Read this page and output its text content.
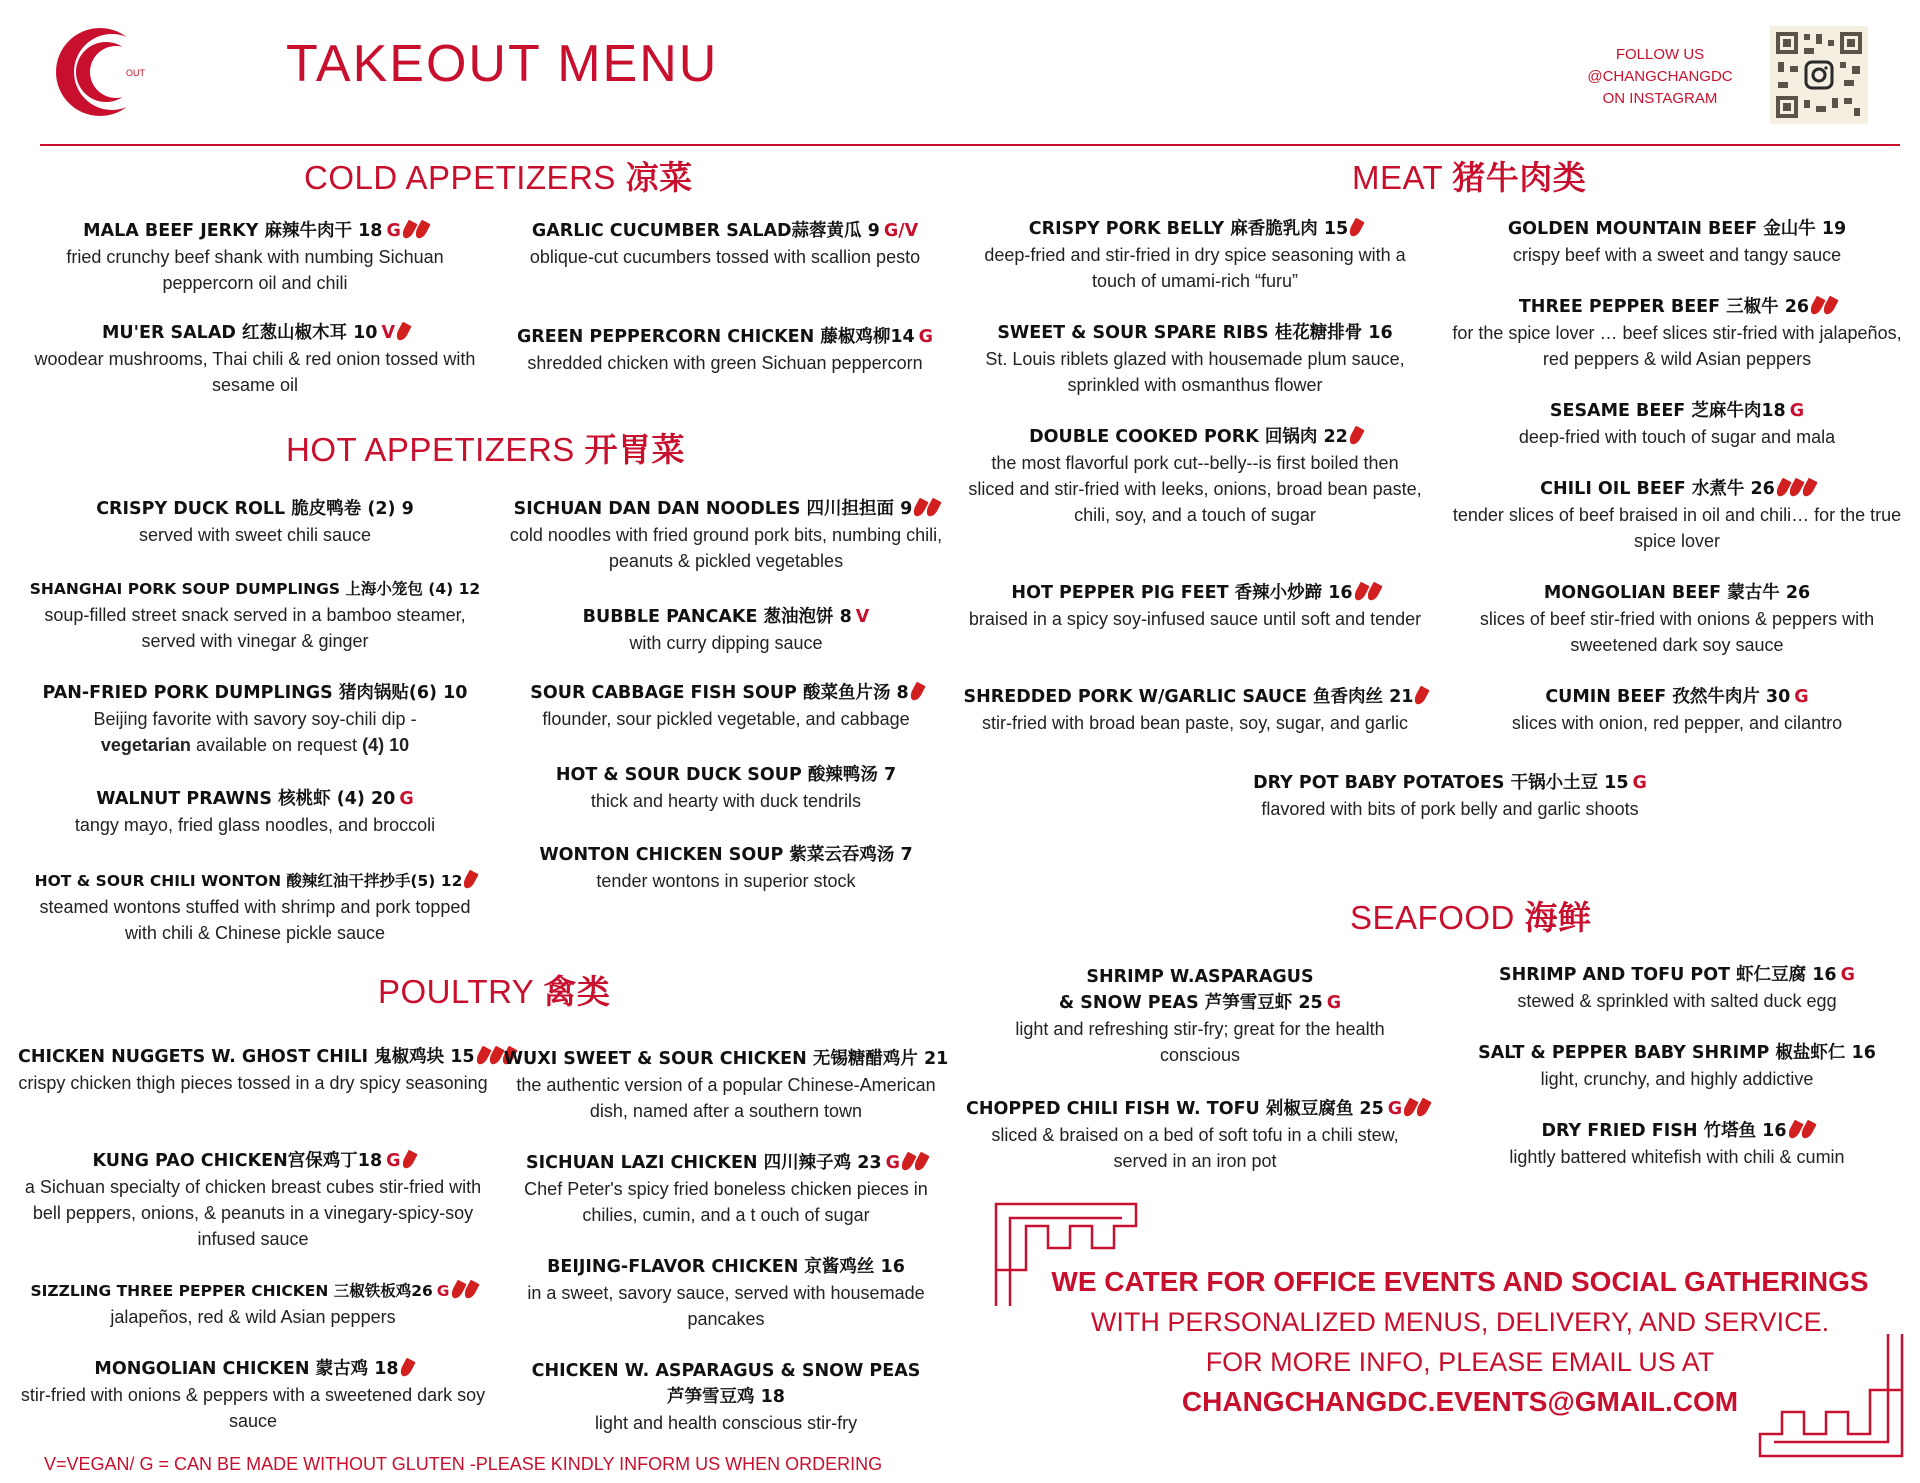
OUT	TAKEOUT MENU	FOLLOW US
@CHANGCHANGDC
ON INSTAGRAM
COLD APPETIZERS 凉菜
HOT APPETIZERS 开胃菜
MEAT 猪牛肉类
POULTRY 禽类
SEAFOOD 海鲜
MALA BEEF JERKY 麻辣牛肉干 18 G
fried crunchy beef shank with numbing Sichuan peppercorn oil and chili
GARLIC CUCUMBER SALAD蒜蓉黄瓜 9 G/V
oblique-cut cucumbers tossed with scallion pesto
MU'ER SALAD 红葱山椒木耳 10 V
woodear mushrooms, Thai chili & red onion tossed with sesame oil
GREEN PEPPERCORN CHICKEN 藤椒鸡柳14 G
shredded chicken with green Sichuan peppercorn
CRISPY DUCK ROLL 脆皮鸭卷 (2) 9
served with sweet chili sauce
SICHUAN DAN DAN NOODLES 四川担担面 9
cold noodles with fried ground pork bits, numbing chili, peanuts & pickled vegetables
SHANGHAI PORK SOUP DUMPLINGS 上海小笼包 (4) 12
soup-filled street snack served in a bamboo steamer, served with vinegar & ginger
BUBBLE PANCAKE 葱油泡饼 8 V
with curry dipping sauce
PAN-FRIED PORK DUMPLINGS 猪肉锅贴(6) 10
Beijing favorite with savory soy-chili dip -
vegetarian available on request (4) 10
SOUR CABBAGE FISH SOUP 酸菜鱼片汤 8
flounder, sour pickled vegetable, and cabbage
WALNUT PRAWNS 核桃虾 (4) 20 G
tangy mayo, fried glass noodles, and broccoli
HOT & SOUR DUCK SOUP 酸辣鸭汤 7
thick and hearty with duck tendrils
HOT & SOUR CHILI WONTON 酸辣红油干拌抄手(5) 12
steamed wontons stuffed with shrimp and pork topped with chili & Chinese pickle sauce
WONTON CHICKEN SOUP 紫菜云吞鸡汤 7
tender wontons in superior stock
CRISPY PORK BELLY 麻香脆乳肉 15
deep-fried and stir-fried in dry spice seasoning with a touch of umami-rich “furu”
GOLDEN MOUNTAIN BEEF 金山牛 19
crispy beef with a sweet and tangy sauce
SWEET & SOUR SPARE RIBS 桂花糖排骨 16
St. Louis riblets glazed with housemade plum sauce, sprinkled with osmanthus flower
THREE PEPPER BEEF 三椒牛 26
for the spice lover … beef slices stir-fried with jalapeños, red peppers & wild Asian peppers
DOUBLE COOKED PORK 回锅肉 22
the most flavorful pork cut--belly--is first boiled then sliced and stir-fried with leeks, onions, broad bean paste, chili, soy, and a touch of sugar
SESAME BEEF 芝麻牛肉18 G
deep-fried with touch of sugar and mala
CHILI OIL BEEF 水煮牛 26
tender slices of beef braised in oil and chili… for the true spice lover
HOT PEPPER PIG FEET 香辣小炒蹄 16
braised in a spicy soy-infused sauce until soft and tender
MONGOLIAN BEEF 蒙古牛 26
slices of beef stir-fried with onions & peppers with sweetened dark soy sauce
SHREDDED PORK W/GARLIC SAUCE 鱼香肉丝 21
stir-fried with broad bean paste, soy, sugar, and garlic
CUMIN BEEF 孜然牛肉片 30 G
slices with onion, red pepper, and cilantro
DRY POT BABY POTATOES 干锅小土豆 15 G
flavored with bits of pork belly and garlic shoots
SHRIMP W.ASPARAGUS
& SNOW PEAS 芦笋雪豆虾 25 G
light and refreshing stir-fry; great for the health conscious
SHRIMP AND TOFU POT 虾仁豆腐 16 G
stewed & sprinkled with salted duck egg
SALT & PEPPER BABY SHRIMP 椒盐虾仁 16
light, crunchy, and highly addictive
CHOPPED CHILI FISH W. TOFU 剁椒豆腐鱼 25 G
sliced & braised on a bed of soft tofu in a chili stew, served in an iron pot
DRY FRIED FISH 竹塔鱼 16
lightly battered whitefish with chili & cumin
CHICKEN NUGGETS W. GHOST CHILI 鬼椒鸡块 15
crispy chicken thigh pieces tossed in a dry spicy seasoning
WUXI SWEET & SOUR CHICKEN 无锡糖醋鸡片 21
the authentic version of a popular Chinese-American dish, named after a southern town
KUNG PAO CHICKEN宫保鸡丁18 G
a Sichuan specialty of chicken breast cubes stir-fried with bell peppers, onions, & peanuts in a vinegary-spicy-soy infused sauce
SICHUAN LAZI CHICKEN 四川辣子鸡 23 G
Chef Peter's spicy fried boneless chicken pieces in chilies, cumin, and a t ouch of sugar
SIZZLING THREE PEPPER CHICKEN 三椒铁板鸡26 G
jalapeños, red & wild Asian peppers
BEIJING-FLAVOR CHICKEN 京酱鸡丝 16
in a sweet, savory sauce, served with housemade pancakes
MONGOLIAN CHICKEN 蒙古鸡 18
stir-fried with onions & peppers with a sweetened dark soy sauce
CHICKEN W. ASPARAGUS & SNOW PEAS
芦笋雪豆鸡 18
light and health conscious stir-fry
V=VEGAN/ G = CAN BE MADE WITHOUT GLUTEN -PLEASE KINDLY INFORM US WHEN ORDERING
WE CATER FOR OFFICE EVENTS AND SOCIAL GATHERINGS
WITH PERSONALIZED MENUS, DELIVERY, AND SERVICE.
FOR MORE INFO, PLEASE EMAIL US AT
CHANGCHANGDC.EVENTS@GMAIL.COM
